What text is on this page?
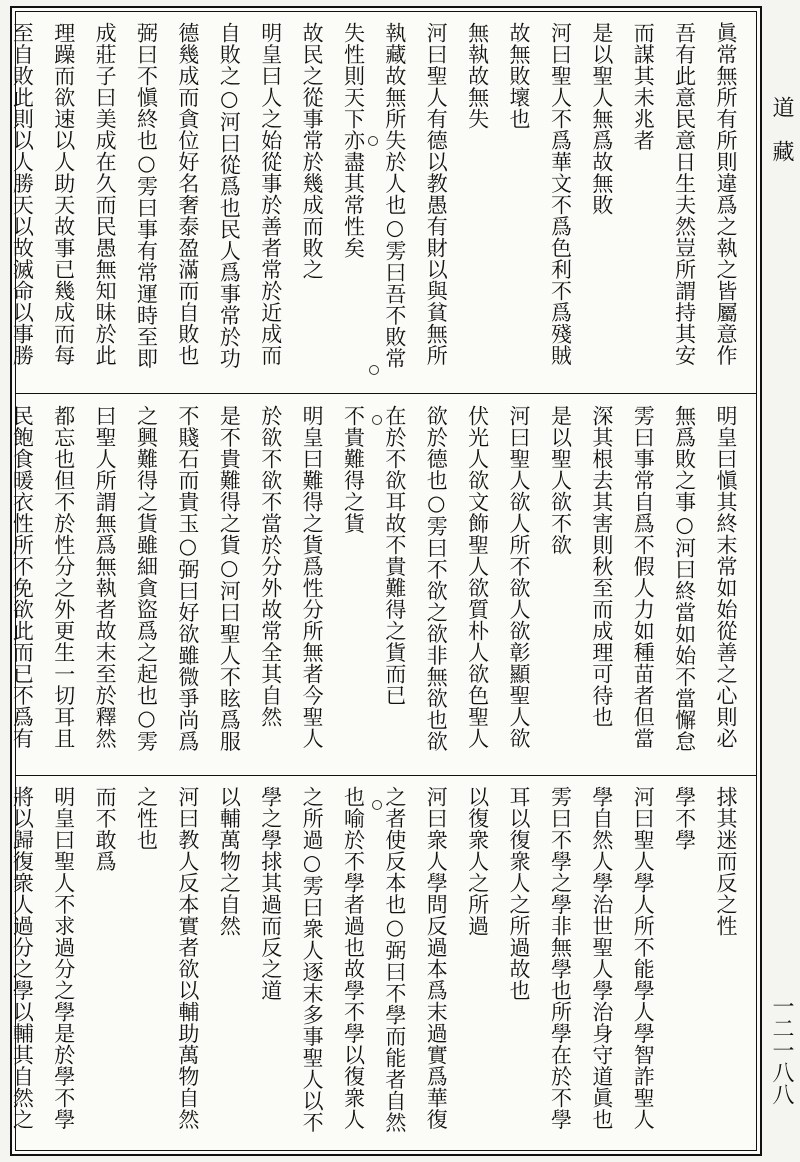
眞常無所有所則違爲之執之皆屬意作
吾有此意民意日生夫然豈所謂持其安
而謀其未兆者
是以聖人無爲故無敗
河曰聖人不爲華文不爲色利不爲殘賊
故無敗壞也
無執故無失
河曰聖人有德以教愚有財以與貧無所
執藏故無所失於人也○雱曰吾不敗常
失性則天下亦盡其常性矣
故民之從事常於幾成而敗之
明皇曰人之始從事於善者常於近成而
自敗之○河曰從爲也民人爲事常於功
德幾成而貪位好名奢泰盈滿而自敗也
弼曰不愼終也○雱曰事有常運時至即
成莊子曰美成在久而民愚無知昧於此
理躁而欲速以人助天故事已幾成而每
至自敗此則以人勝天以故滅命以事勝
明皇曰愼其終末常如始從善之心則必
無爲敗之事○河曰終當如始不當懈怠
雱曰事常自爲不假人力如種苗者但當
深其根去其害則秋至而成理可待也
是以聖人欲不欲
河曰聖人欲人所不欲人欲彰顯聖人欲
伏光人欲文飾聖人欲質朴人欲色聖人
欲於德也○雱曰不欲之欲非無欲也欲
在於不欲耳故不貴難得之貨而已
不貴難得之貨
明皇曰難得之貨爲性分所無者今聖人
於欲不欲不當於分外故常全其自然
是不貴難得之貨○河曰聖人不眩爲服
不賤石而貴玉○弼曰好欲雖微爭尚爲
之興難得之貨雖細貪盜爲之起也○雱
曰聖人所謂無爲無執者故末至於釋然
都忘也但不於性分之外更生一切耳且
民飽食暖衣性所不免欲此而已不爲有
捄其迷而反之性
學不學
河曰聖人學人所不能學人學智詐聖人
學自然人學治世聖人學治身守道眞也
雱曰不學之學非無學也所學在於不學
耳以復衆人之所過故也
以復衆人之所過
河曰衆人學問反過本爲末過實爲華復
之者使反本也○弼曰不學而能者自然
也喻於不學者過也故學不學以復衆人
之所過○雱曰衆人逐末多事聖人以不
學之學捄其過而反之道
以輔萬物之自然
河曰教人反本實者欲以輔助萬物自然
之性也
而不敢爲
明皇曰聖人不求過分之學是於學不學
將以歸復衆人過分之學以輔其自然之
道　藏
一二一八八
